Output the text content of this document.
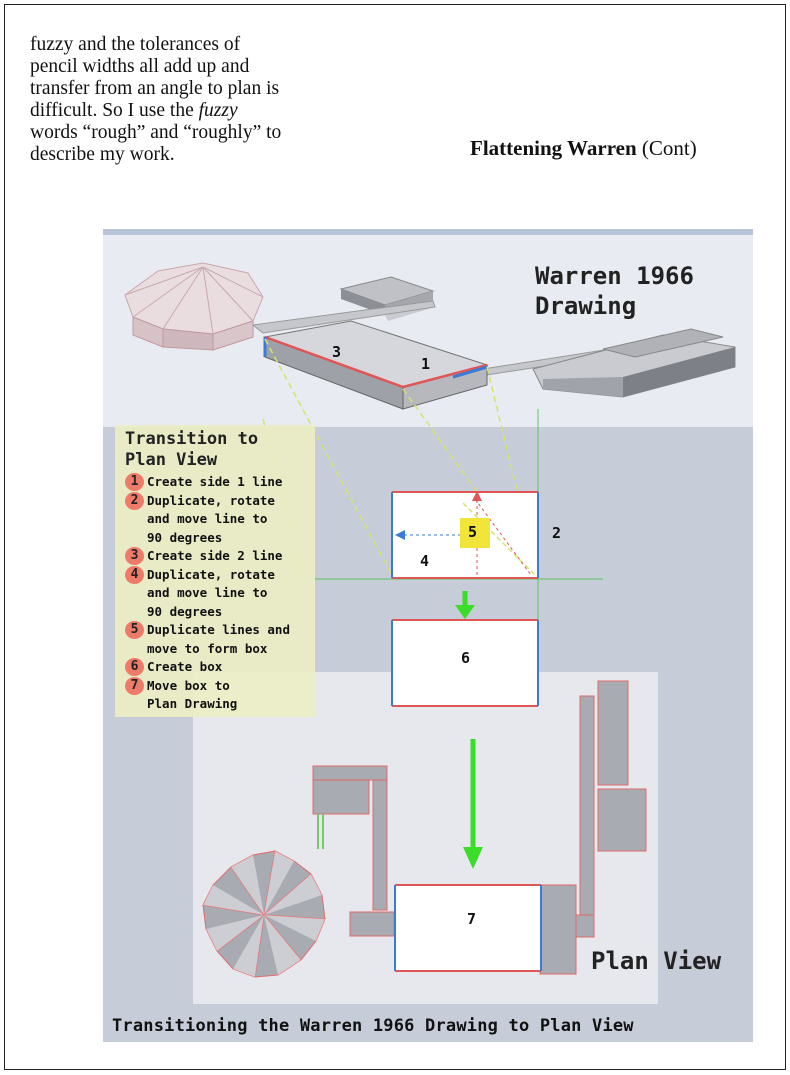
fuzzy and the tolerances of
pencil widths all add up and
transfer from an angle to plan is
difficult. So I use the fuzzy
words “rough” and “roughly” to
describe my work.	Flattening Warren (Cont)
Warren 1966
Drawing
3
1
2
4
5
6
7
Transition to
Plan View
1 Create side 1 line
2 Duplicate, rotate
and move line to
90 degrees
3 Create side 2 line
4 Duplicate, rotate
and move line to
90 degrees
5 Duplicate lines and
move to form box
6 Create box
7 Move box to
Plan Drawing
Plan View
Transitioning the Warren 1966 Drawing to Plan View
